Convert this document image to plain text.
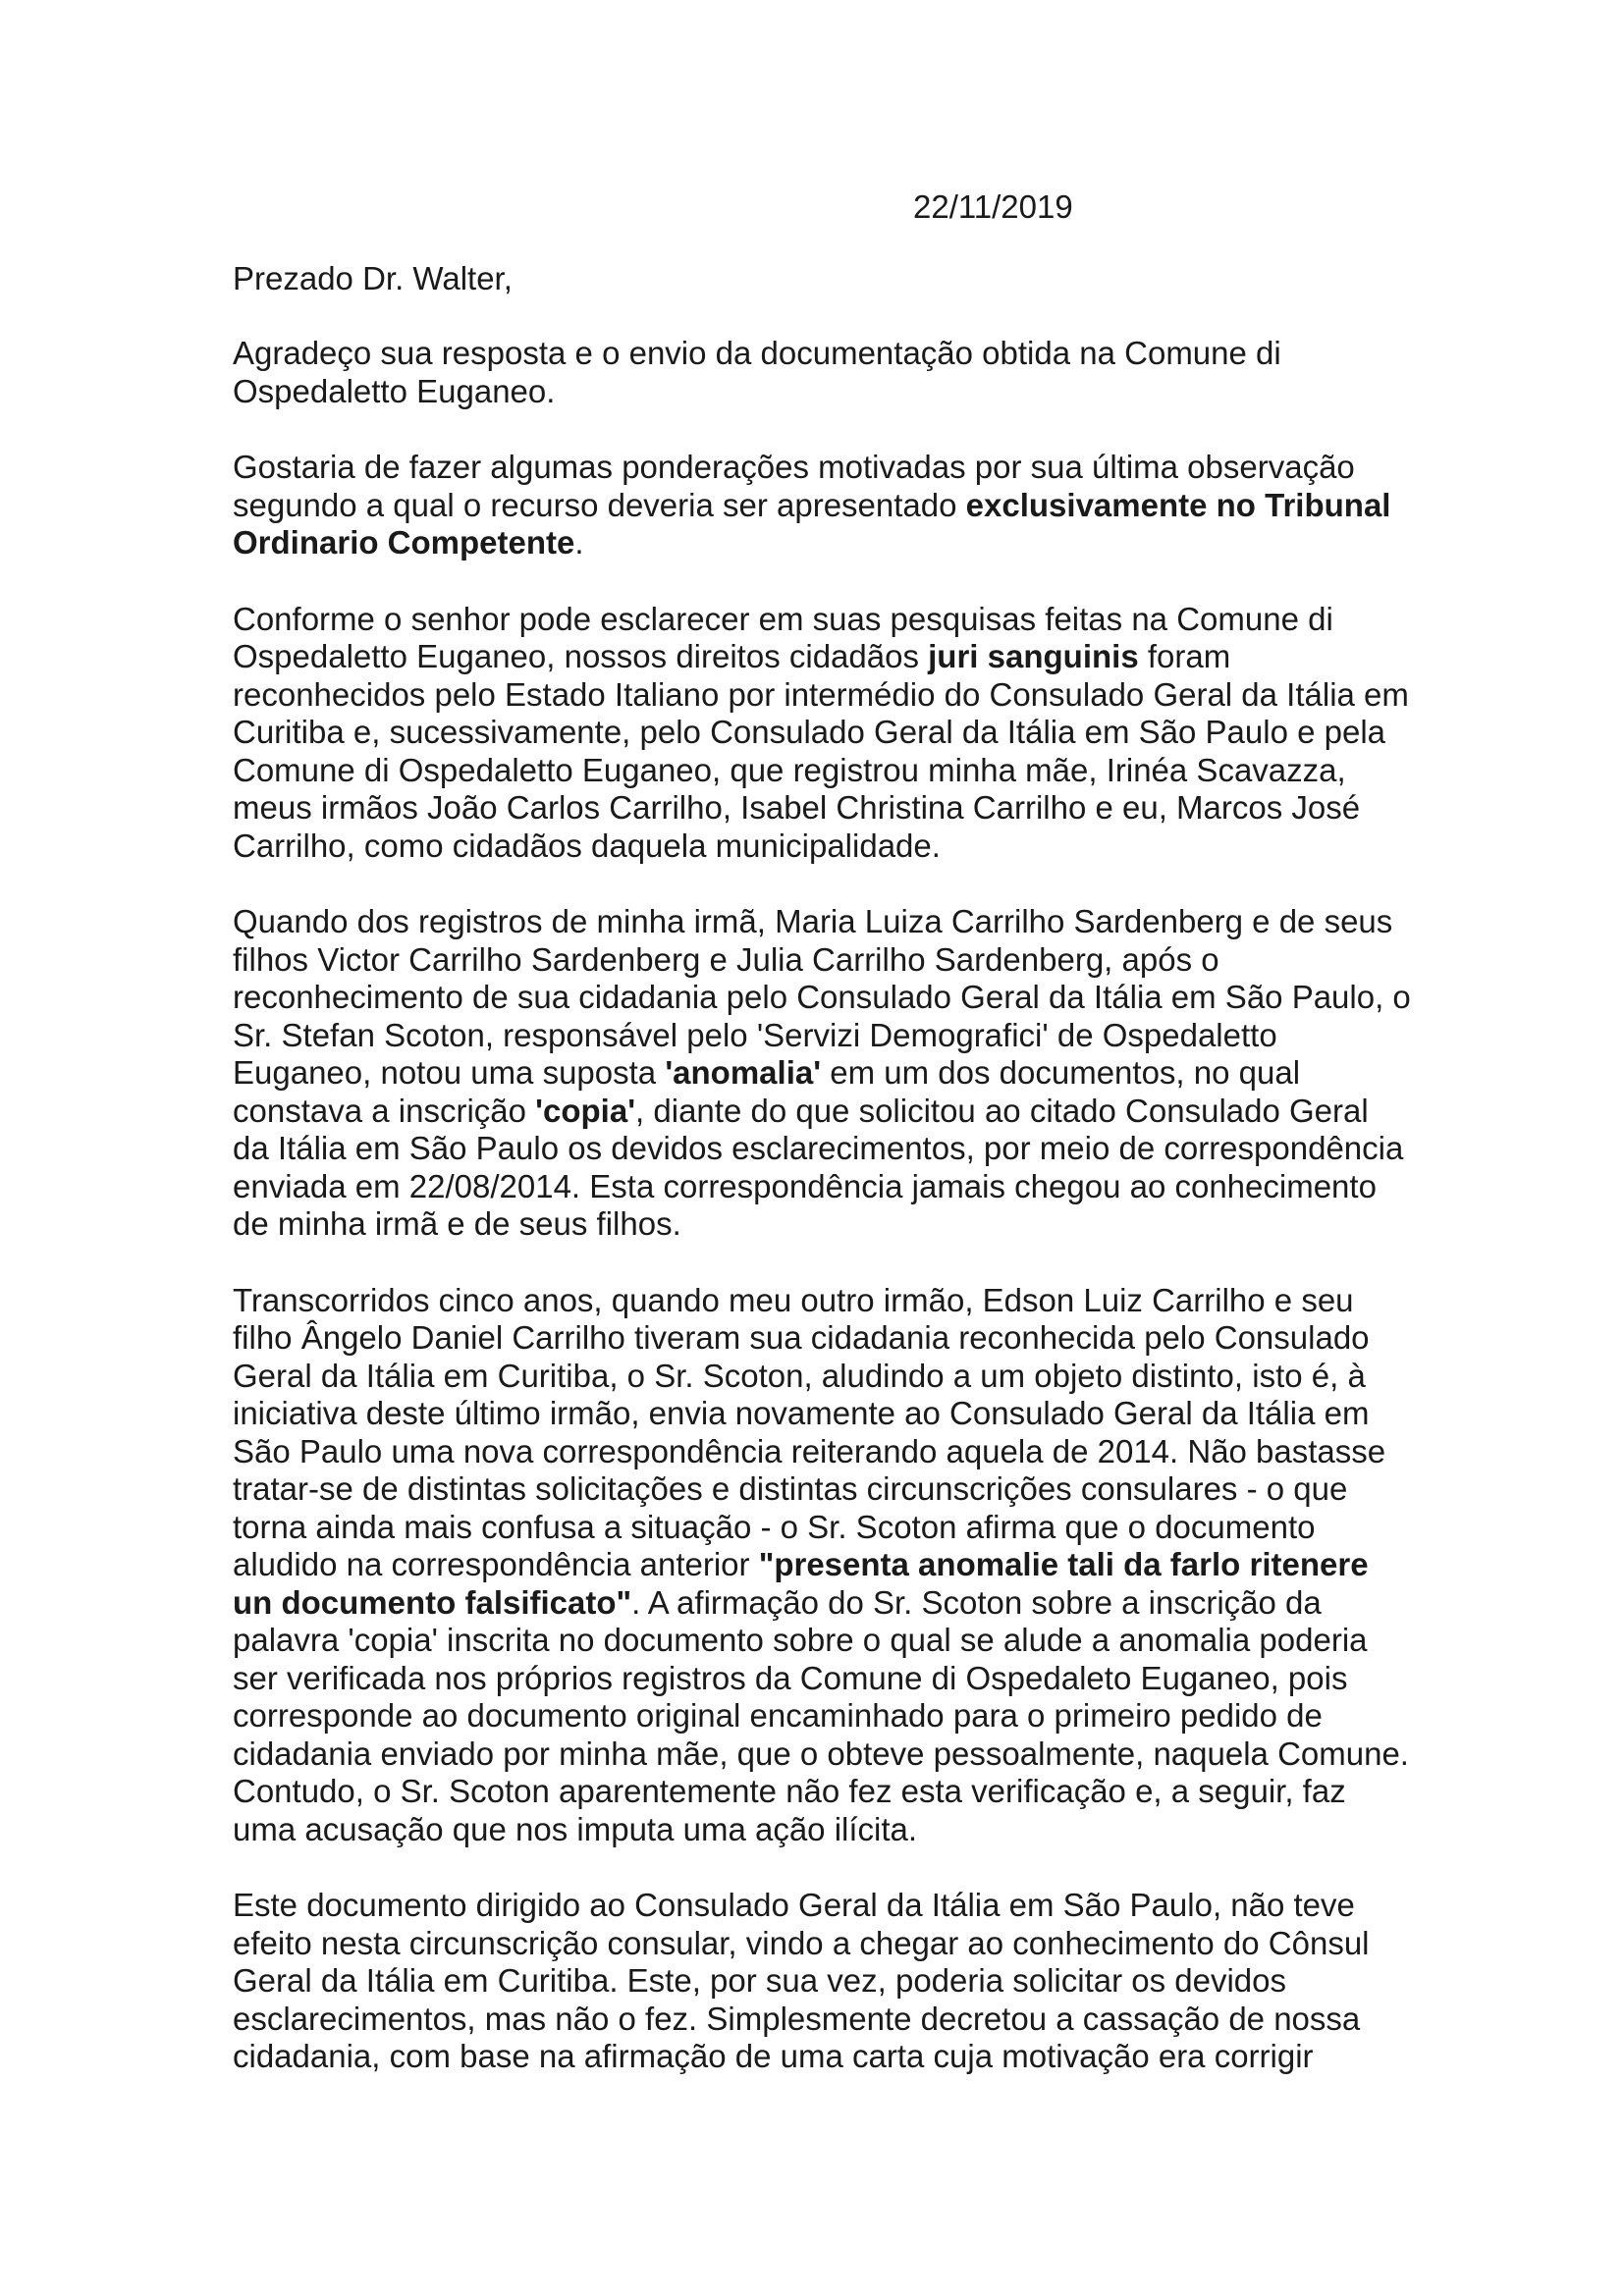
22/11/2019
Prezado Dr. Walter,

Agradeço sua resposta e o envio da documentação obtida na Comune di Ospedaletto Euganeo.

Gostaria de fazer algumas ponderações motivadas por sua última observação segundo a qual o recurso deveria ser apresentado exclusivamente no Tribunal Ordinario Competente.

Conforme o senhor pode esclarecer em suas pesquisas feitas na Comune di Ospedaletto Euganeo, nossos direitos cidadãos juri sanguinis foram reconhecidos pelo Estado Italiano por intermédio do Consulado Geral da Itália em Curitiba e, sucessivamente, pelo Consulado Geral da Itália em São Paulo e pela Comune di Ospedaletto Euganeo, que registrou minha mãe, Irinéa Scavazza, meus irmãos João Carlos Carrilho, Isabel Christina Carrilho e eu, Marcos José Carrilho, como cidadãos daquela municipalidade.

Quando dos registros de minha irmã, Maria Luiza Carrilho Sardenberg e de seus filhos Victor Carrilho Sardenberg e Julia Carrilho Sardenberg, após o reconhecimento de sua cidadania pelo Consulado Geral da Itália em São Paulo, o Sr. Stefan Scoton, responsável pelo 'Servizi Demografici' de Ospedaletto Euganeo, notou uma suposta 'anomalia' em um dos documentos, no qual constava a inscrição 'copia', diante do que solicitou ao citado Consulado Geral da Itália em São Paulo os devidos esclarecimentos, por meio de correspondência enviada em 22/08/2014. Esta correspondência jamais chegou ao conhecimento de minha irmã e de seus filhos.

Transcorridos cinco anos, quando meu outro irmão, Edson Luiz Carrilho e seu filho Ângelo Daniel Carrilho tiveram sua cidadania reconhecida pelo Consulado Geral da Itália em Curitiba, o Sr. Scoton, aludindo a um objeto distinto, isto é, à iniciativa deste último irmão, envia novamente ao Consulado Geral da Itália em São Paulo uma nova correspondência reiterando aquela de 2014. Não bastasse tratar-se de distintas solicitações e distintas circunscrições consulares - o que torna ainda mais confusa a situação - o Sr. Scoton afirma que o documento aludido na correspondência anterior "presenta anomalie tali da farlo ritenere un documento falsificato". A afirmação do Sr. Scoton sobre a inscrição da palavra 'copia' inscrita no documento sobre o qual se alude a anomalia poderia ser verificada nos próprios registros da Comune di Ospedaleto Euganeo, pois corresponde ao documento original encaminhado para o primeiro pedido de cidadania enviado por minha mãe, que o obteve pessoalmente, naquela Comune. Contudo, o Sr. Scoton aparentemente não fez esta verificação e, a seguir, faz uma acusação que nos imputa uma ação ilícita.

Este documento dirigido ao Consulado Geral da Itália em São Paulo, não teve efeito nesta circunscrição consular, vindo a chegar ao conhecimento do Cônsul Geral da Itália em Curitiba. Este, por sua vez, poderia solicitar os devidos esclarecimentos, mas não o fez. Simplesmente decretou a cassação de nossa cidadania, com base na afirmação de uma carta cuja motivação era corrigir
